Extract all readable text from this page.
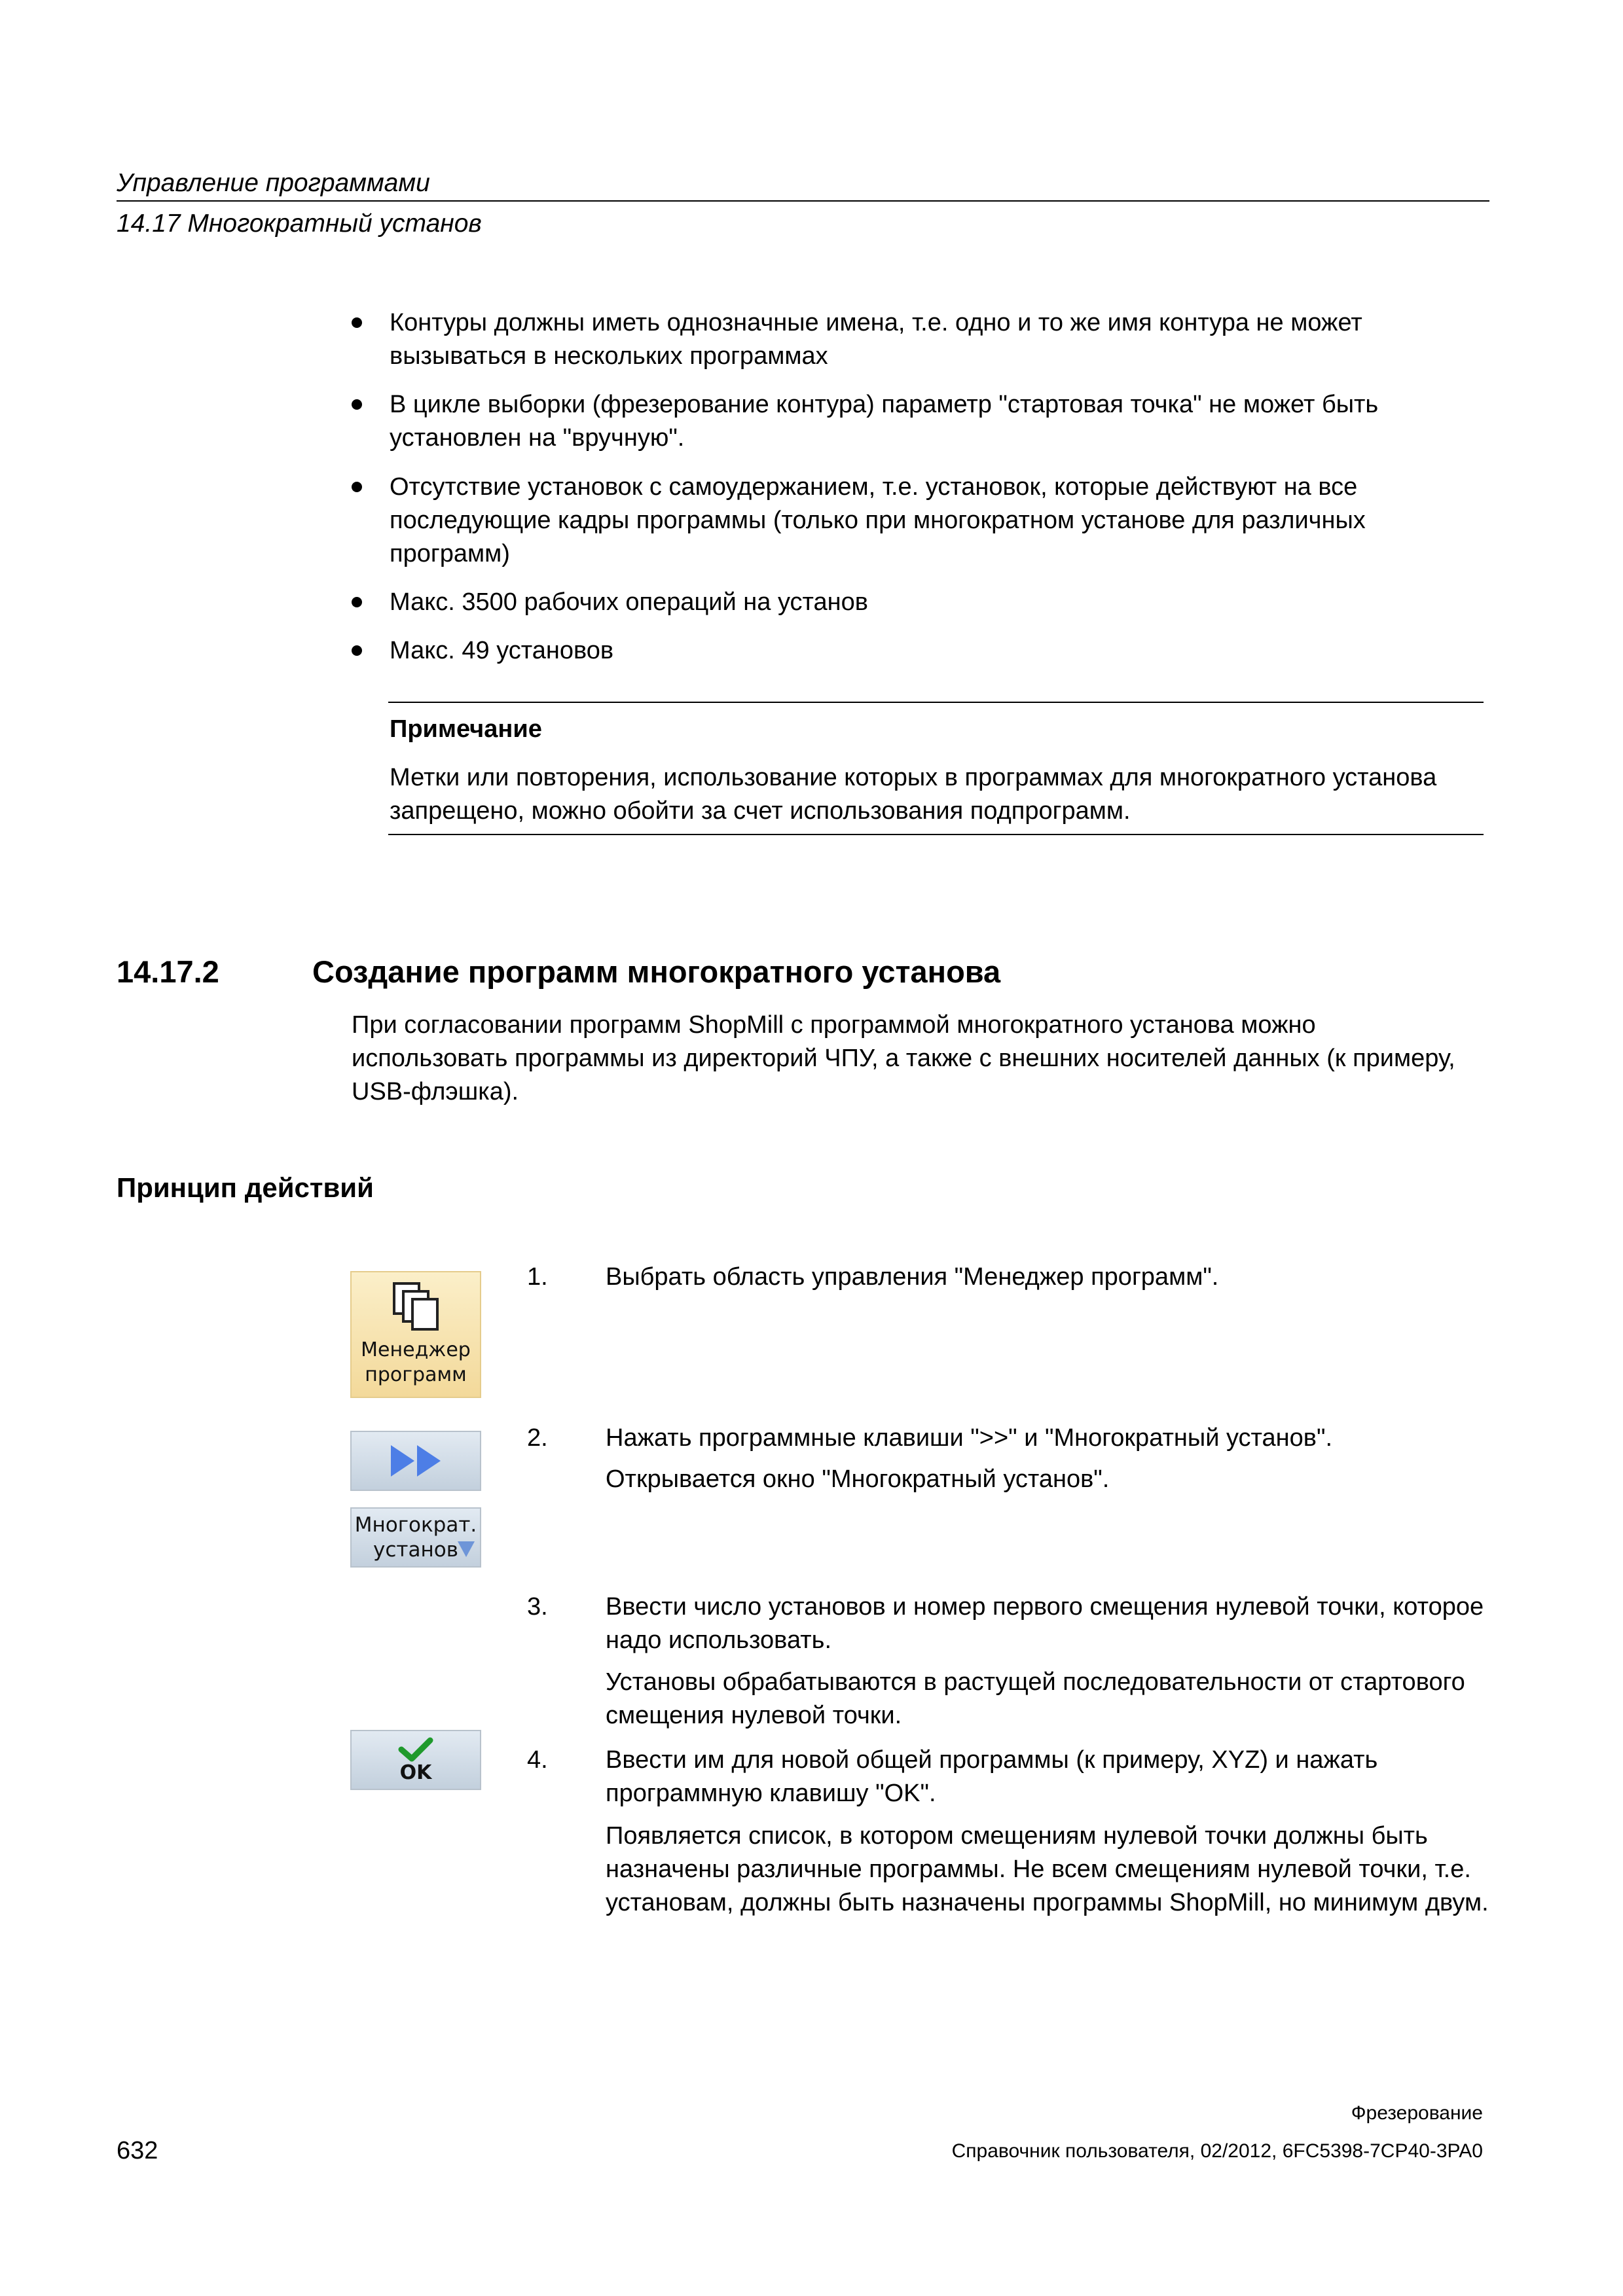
Управление программами
14.17 Многократный установ
Контуры должны иметь однозначные имена, т.е. одно и то же имя контура не может вызываться в нескольких программах
В цикле выборки (фрезерование контура) параметр "стартовая точка" не может быть установлен на "вручную".
Отсутствие установок с самоудержанием, т.е. установок, которые действуют на все последующие кадры программы (только при многократном установе для различных программ)
Макс. 3500 рабочих операций на установ
Макс. 49 установов
Примечание
Метки или повторения, использование которых в программах для многократного установа запрещено, можно обойти за счет использования подпрограмм.
14.17.2	Создание программ многократного установа
При согласовании программ ShopMill с программой многократного установа можно использовать программы из директорий ЧПУ, а также с внешних носителей данных (к примеру, USB-флэшка).
Принцип действий
Менеджер программ
Многократ. установ
OK
1. Выбрать область управления "Менеджер программ".
2. Нажать программные клавиши ">>" и "Многократный установ".
Открывается окно "Многократный установ".
3. Ввести число установов и номер первого смещения нулевой точки, которое надо использовать.
Установы обрабатываются в растущей последовательности от стартового смещения нулевой точки.
4. Ввести им для новой общей программы (к примеру, XYZ) и нажать программную клавишу "OK".
Появляется список, в котором смещениям нулевой точки должны быть назначены различные программы. Не всем смещениям нулевой точки, т.е. установам, должны быть назначены программы ShopMill, но минимум двум.
Фрезерование
632	Справочник пользователя, 02/2012, 6FC5398-7CP40-3PA0
